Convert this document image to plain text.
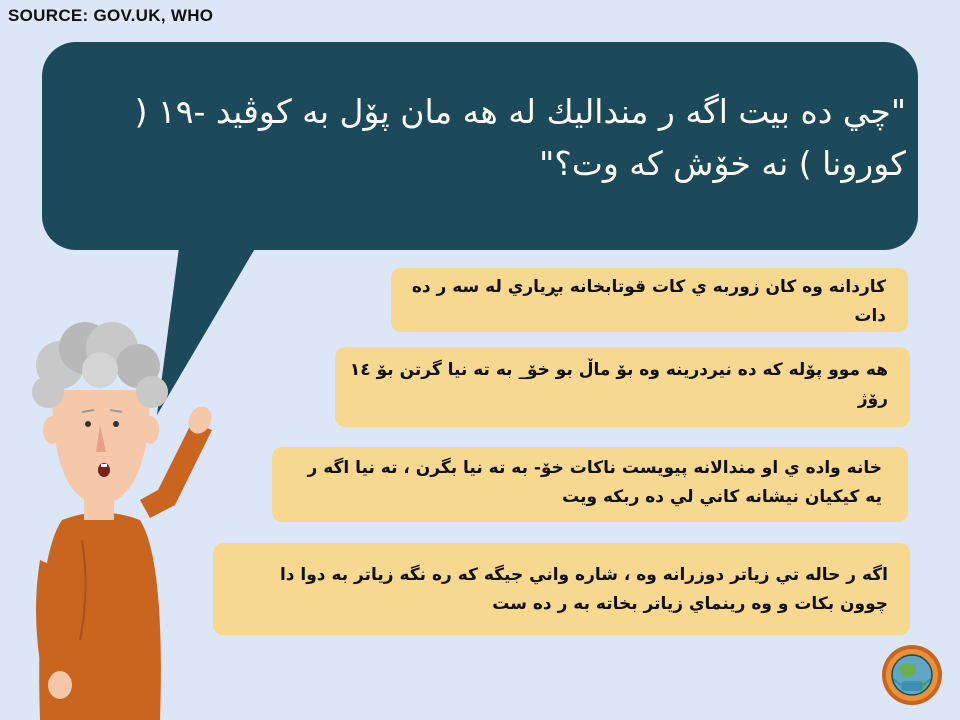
SOURCE: GOV.UK, WHO
"چي ده بيت اگه ر منداليك له هه مان پۆل به كوڤيد -١٩ ( كورونا ) نه خۆش كه وت؟"
كاردانه وه كان زوربه ي كات قوتابخانه بڕياري له سه ر ده دات
هه موو پۆله كه ده نيردرينه وه بۆ ماڵ بو خۆ_ به ته نيا گرتن بۆ ١٤ رۆژ
خانه واده ي او مندالانه پيويست ناكات خۆ- به ته نيا بگرن ، ته نيا اگه ر يه كيكيان نيشانه كاني لي ده ربكه ويت
اگه ر حاله تي زياتر دوزرانه وه ، شاره واني جيگه كه ره نگه زياتر به دوا دا چوون بكات و وه رينماي زياتر بخاته به ر ده ست
